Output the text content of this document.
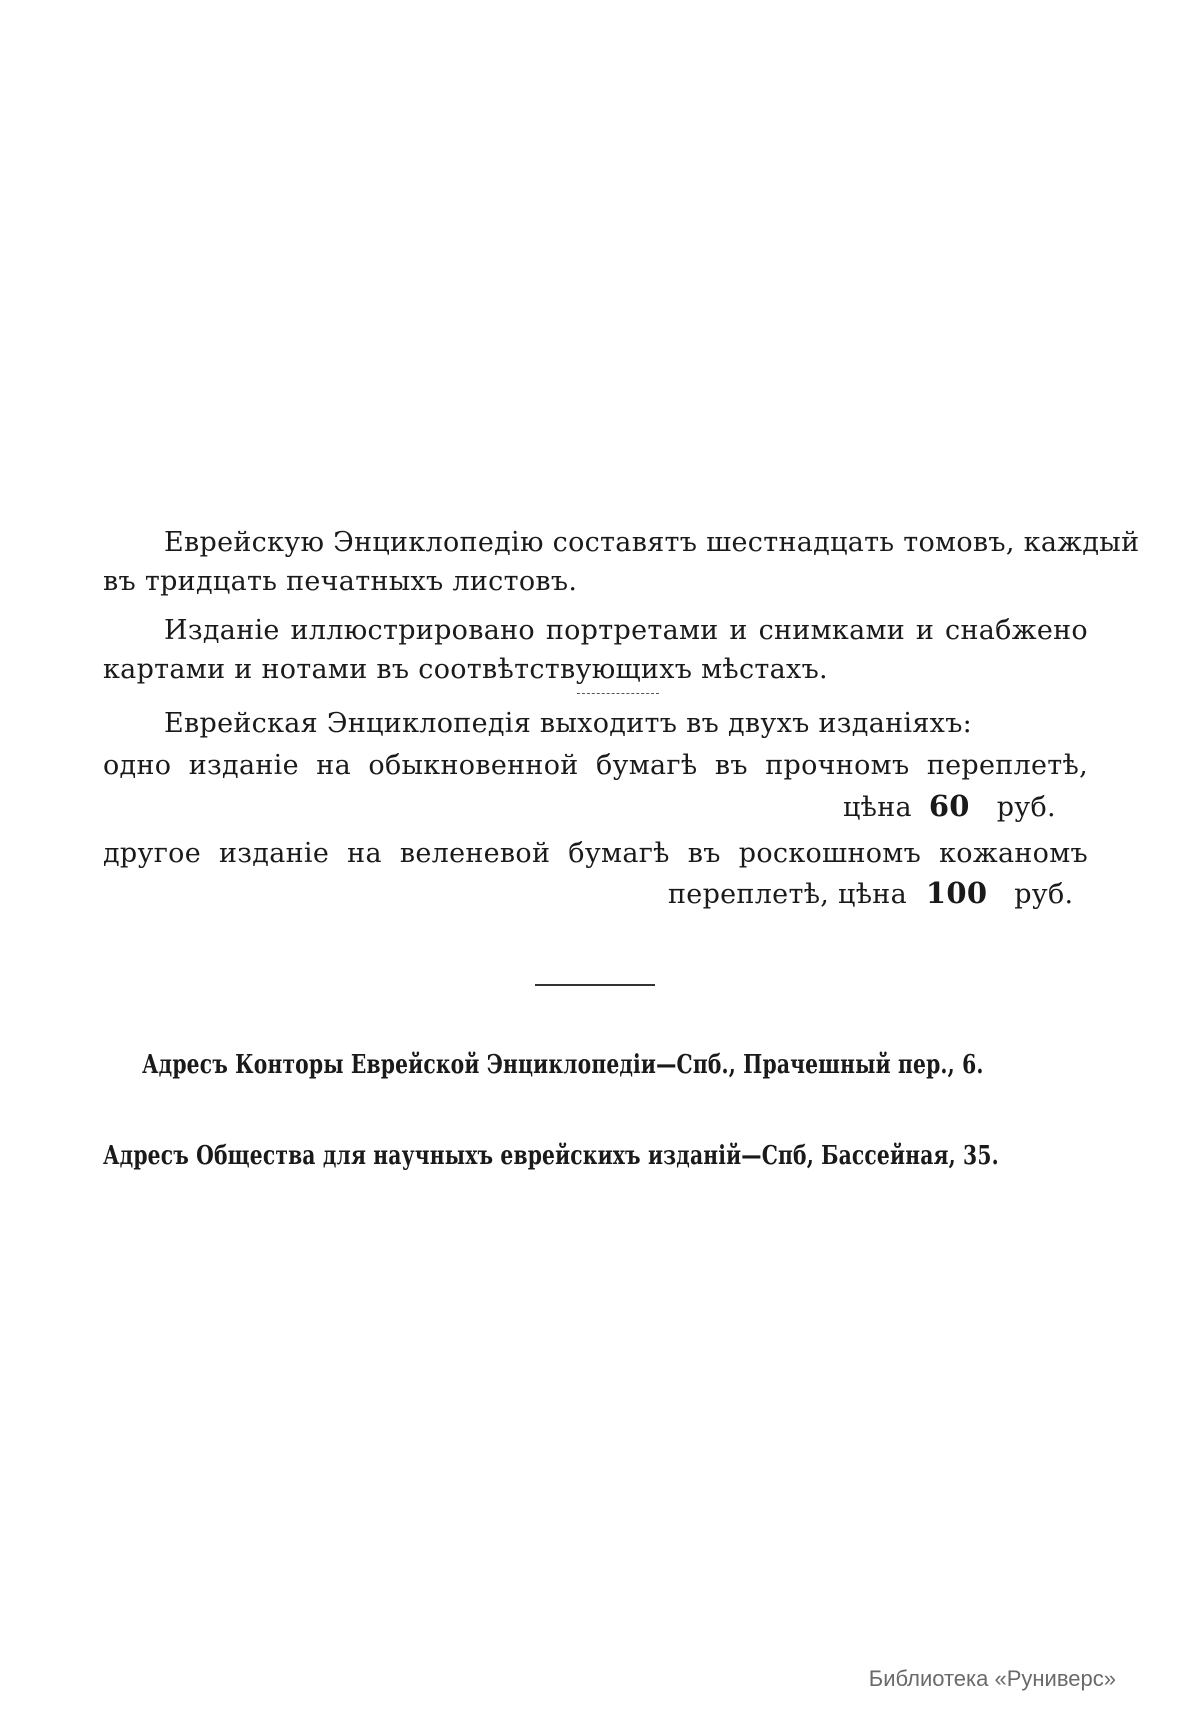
Еврейскую Энциклопедію составятъ шестнадцать томовъ, каждый
въ тридцать печатныхъ листовъ.
Изданіе иллюстрировано портретами и снимками и снабжено
картами и нотами въ соотвѣтствующихъ мѣстахъ.
Еврейская Энциклопедія выходитъ въ двухъ изданіяхъ:
одно изданіе на обыкновенной бумагѣ въ прочномъ переплетѣ,
цѣна 60 руб.
другое изданіе на веленевой бумагѣ въ роскошномъ кожаномъ
переплетѣ, цѣна 100 руб.
Адресъ Конторы Еврейской Энциклопедіи—Спб., Прачешный пер., 6.
Адресъ Общества для научныхъ еврейскихъ изданій—Спб, Бассейная, 35.
Библиотека «Руниверс»
